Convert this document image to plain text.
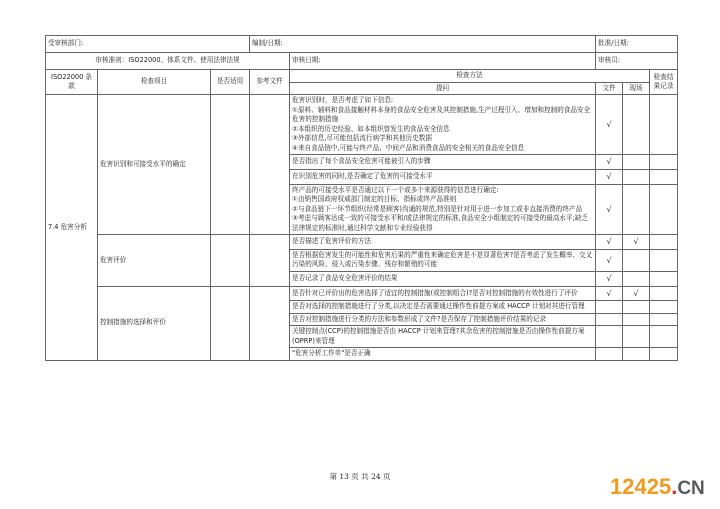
受审核部门:			编制/日期:		批准/日期:		
审核准则：ISO22000、体系文件、使用法律法规				审核日期:	审核员:		
ISO22000 条款	检查项目	是否适用	参考文件	检查方法			检查结果记录
				提问	文件	现场	
7.4 危害分析	危害识别和可接受水平的确定			危害识别时，是否考虑了如下信息:
①原料、辅料和食品接触材料本身的食品安全危害及其控制措施,生产过程引入、增加和控制的食品安全危害的控制措施
②本组织的历史经验、如本组织曾发生的食品安全信息
③外部信息,尽可能包括流行病学和其他历史数据
④来自食品链中,可能与终产品、中间产品和消费食品的安全相关的食品安全信息	√		
				是否指出了每个食品安全危害可能被引入的步骤	√		
				在识别危害的同时,是否确定了危害的可接受水平	√		
				终产品的可接受水平是否通过以下一个或多个来源获得的信息进行确定:
①由销售国政府权威部门制定的目标、指标或终产品准则
②与食品链下一环节组织(经常是顾客)沟通的规范,特别是针对用于进一步加工或非直接消费的终产品
③考虑与顾客达成一致的可接受水平和/或法律规定的标准,食品安全小组制定的可接受的最高水平;缺乏法律规定的标准时,通过科学文献和专业经验获得	√		
	危害评价			是否描述了危害评价的方法	√	√	
				是否根据危害发生的可能性和危害后果的严重性来确定危害是不是显著危害?是否考虑了发生概率、交叉污染的风险、侵入或污染步骤、残存和繁殖的可能	√		
				是否记录了食品安全危害评价的结果	√		
	控制措施的选择和评价			是否针对已评价出的危害选择了适宜的控制措施(或控制组合)?是否对控制措施的有效性进行了评价	√	√	
				是否对选择的控制措施进行了分类,以决定是否需要通过操作性前提方案或 HACCP 计划对其进行管理			
				是否对控制措施进行分类的方法和参数形成了文件?是否保存了控制措施评价结果的记录			
				关键控制点(CCP)的控制措施是否由 HACCP 计划来管理?其余危害的控制措施是否由操作性前提方案(OPRP)来管理			
				"危害分析工作单"是否正确			
第 13 页 共 24 页	12425.CN
